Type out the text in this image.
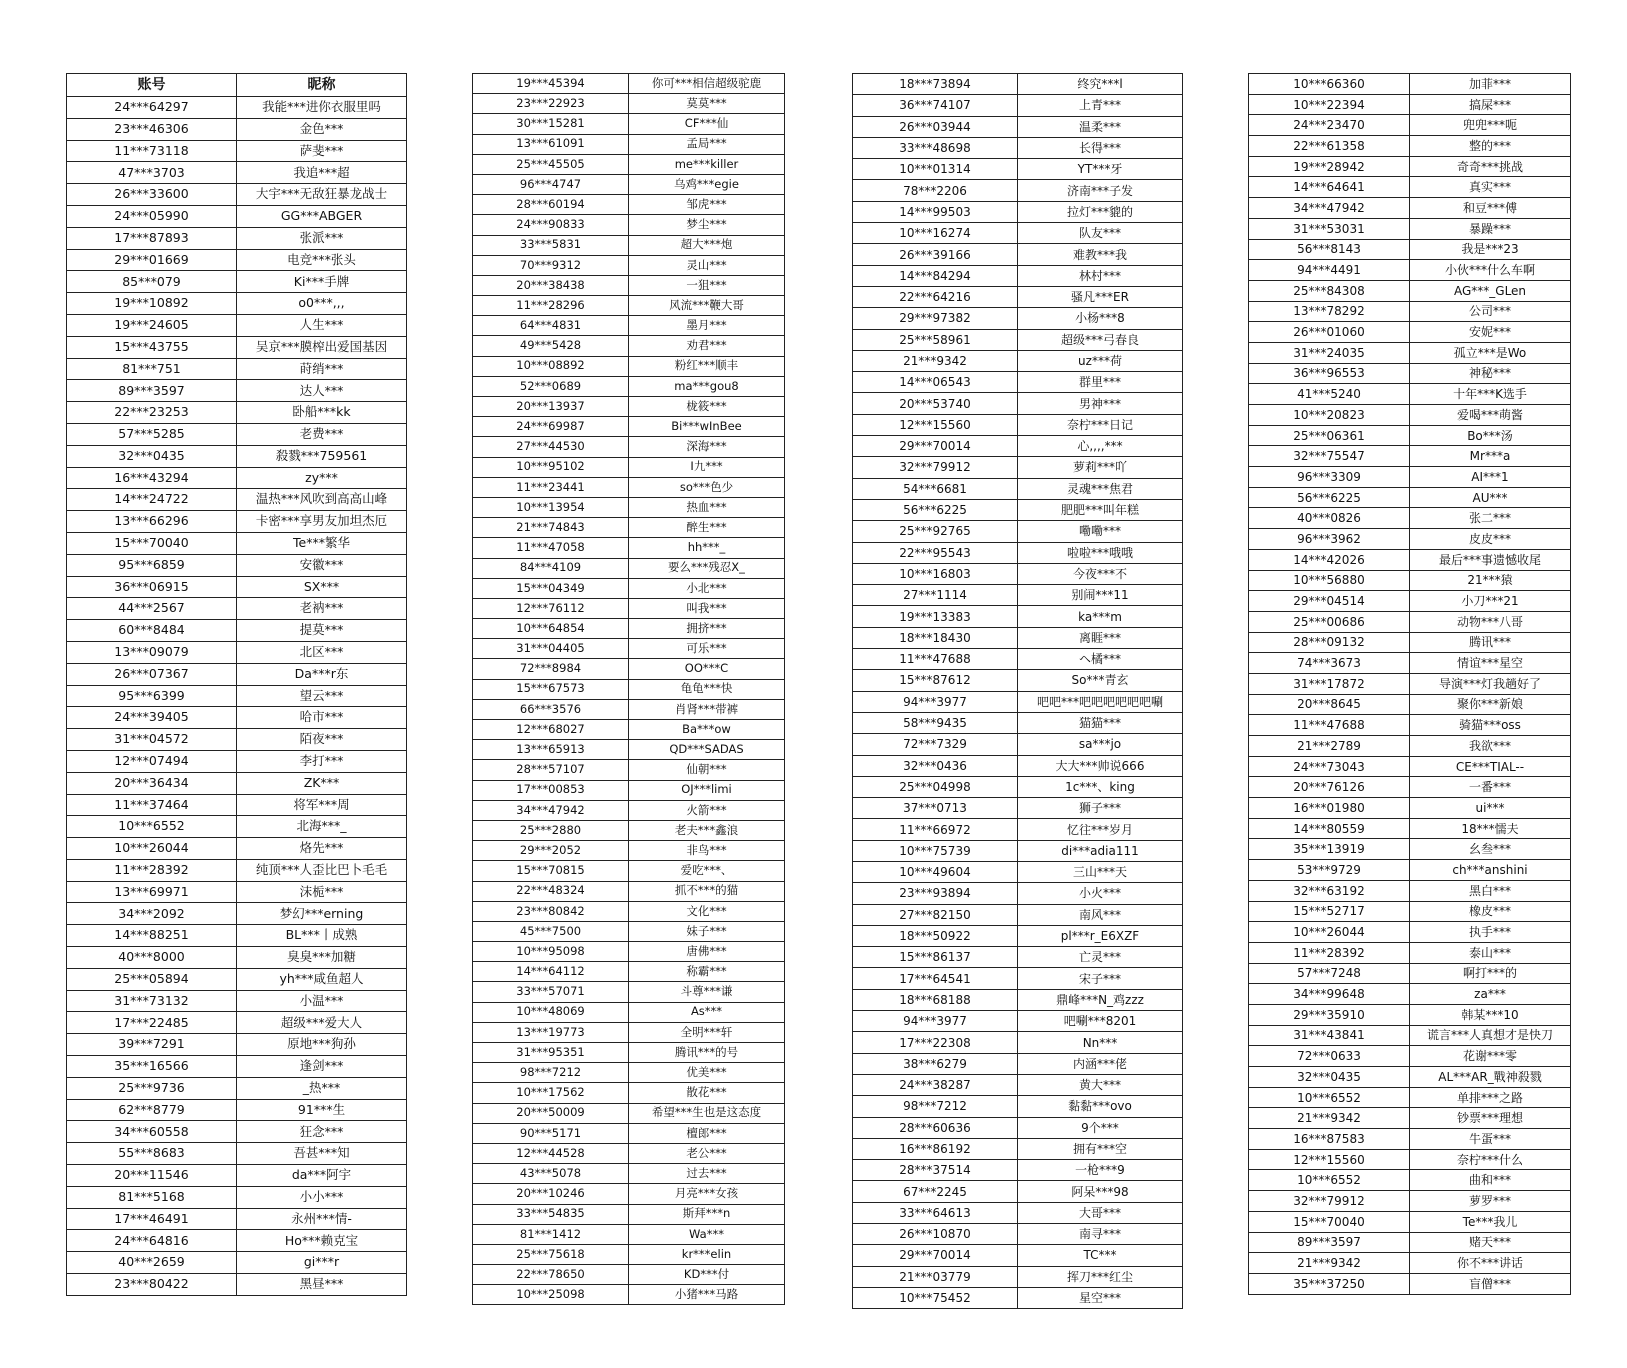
账号	昵称
24***64297	我能***进你衣服里吗
23***46306	金色***
11***73118	萨斐***
47***3703	我追***超
26***33600	大宇***无敌狂暴龙战士
24***05990	GG***ABGER
17***87893	张派***
29***01669	电竞***张头
85***079	Ki***手牌
19***10892	o0***,,,
19***24605	人生***
15***43755	吴京***膜榨出爱国基因
81***751	莳绡***
89***3597	达人***
22***23253	卧船***kk
57***5285	老费***
32***0435	殺戮***759561
16***43294	zy***
14***24722	温热***风吹到高高山峰
13***66296	卡密***享男友加坦杰厄
15***70040	Te***繁华
95***6859	安徽***
36***06915	SX***
44***2567	老衲***
60***8484	提莫***
13***09079	北区***
26***07367	Da***r东
95***6399	望云***
24***39405	哈市***
31***04572	陌夜***
12***07494	李打***
20***36434	ZK***
11***37464	将军***周
10***6552	北海***_
10***26044	烙先***
11***28392	纯顶***人歪比巴卜毛毛
13***69971	沫栀***
34***2092	梦幻***erning
14***88251	BL***丨成熟
40***8000	臭臭***加糖
25***05894	yh***咸鱼超人
31***73132	小温***
17***22485	超级***爱大人
39***7291	原地***狗孙
35***16566	逢剑***
25***9736	_热***
62***8779	91***生
34***60558	狂念***
55***8683	吾甚***知
20***11546	da***阿宇
81***5168	小小***
17***46491	永州***情-
24***64816	Ho***赖克宝
40***2659	gi***r
23***80422	黑昼***
19***45394	你可***相信超级驼鹿
23***22923	莫莫***
30***15281	CF***仙
13***61091	孟局***
25***45505	me***killer
96***4747	乌鸡***egie
28***60194	邹虎***
24***90833	梦尘***
33***5831	超大***炮
70***9312	灵山***
20***38438	一狙***
11***28296	风流***鞭大哥
64***4831	墨月***
49***5428	劝君***
10***08892	粉红***顺丰
52***0689	ma***gou8
20***13937	栊筱***
24***69987	Bi***wInBee
27***44530	深海***
10***95102	I九***
11***23441	so***色少
10***13954	热血***
21***74843	醉生***
11***47058	hh***_
84***4109	要么***残忍X_
15***04349	小北***
12***76112	叫我***
10***64854	拥挤***
31***04405	可乐***
72***8984	OO***C
15***67573	龟龟***快
66***3576	肖肾***带裤
12***68027	Ba***ow
13***65913	QD***SADAS
28***57107	仙朝***
17***00853	OJ***limi
34***47942	火箭***
25***2880	老夫***鑫浪
29***2052	非鸟***
15***70815	爱吃***、
22***48324	抓不***的猫
23***80842	文化***
45***7500	妹子***
10***95098	唐佛***
14***64112	称霸***
33***57071	斗尊***谦
10***48069	As***
13***19773	全明***轩
31***95351	腾讯***的号
98***7212	优美***
10***17562	散花***
20***50009	希望***生也是这态度
90***5171	檀郎***
12***44528	老公***
43***5078	过去***
20***10246	月亮***女孩
33***54835	斯拜***n
81***1412	Wa***
25***75618	kr***elin
22***78650	KD***付
10***25098	小猪***马路
18***73894	终究***l
36***74107	上青***
26***03944	温柔***
33***48698	长得***
10***01314	YT***牙
78***2206	济南***子发
14***99503	拉灯***貔的
10***16274	队友***
26***39166	难教***我
14***84294	林村***
22***64216	骚凡***ER
29***97382	小杨***8
25***58961	超级***弓春良
21***9342	uz***荷
14***06543	群里***
20***53740	男神***
12***15560	奈柠***日记
29***70014	心,,,,***
32***79912	萝莉***吖
54***6681	灵魂***焦君
56***6225	肥肥***叫年糕
25***92765	嘞嘞***
22***95543	啦啦***哦哦
10***16803	今夜***不
27***1114	别闹***11
19***13383	ka***m
18***18430	离睚***
11***47688	ヘ橘***
15***87612	So***青玄
94***3977	吧吧***吧吧吧吧吧吧唰
58***9435	猫猫***
72***7329	sa***jo
32***0436	大大***帅说666
25***04998	1c***、king
37***0713	狮子***
11***66972	忆往***岁月
10***75739	di***adia111
10***49604	三山***天
23***93894	小火***
27***82150	南风***
18***50922	pl***r_E6XZF
15***86137	亡灵***
17***64541	宋子***
18***68188	鼎峰***N_鸡zzz
94***3977	吧唰***8201
17***22308	Nn***
38***6279	内涵***佬
24***38287	黄大***
98***7212	黏黏***ovo
28***60636	9个***
16***86192	拥有***空
28***37514	一枪***9
67***2245	阿呆***98
33***64613	大哥***
26***10870	南寻***
29***70014	TC***
21***03779	挥刀***红尘
10***75452	星空***
10***66360	加菲***
10***22394	搞屎***
24***23470	兜兜***呃
22***61358	整的***
19***28942	奇奇***挑战
14***64641	真实***
34***47942	和豆***傅
31***53031	暴躁***
56***8143	我是***23
94***4491	小伙***什么车啊
25***84308	AG***_GLen
13***78292	公司***
26***01060	安妮***
31***24035	孤立***是Wo
36***96553	神秘***
41***5240	十年***K选手
10***20823	爱喝***萌酱
25***06361	Bo***汤
32***75547	Mr***a
96***3309	AI***1
56***6225	AU***
40***0826	张二***
96***3962	皮皮***
14***42026	最后***事遗憾收尾
10***56880	21***猿
29***04514	小刀***21
25***00686	动物***八哥
28***09132	腾讯***
74***3673	情谊***星空
31***17872	导演***灯我趟好了
20***8645	聚你***新娘
11***47688	骑猫***oss
21***2789	我欲***
24***73043	CE***TIAL--
20***76126	一番***
16***01980	ui***
14***80559	18***懦夫
35***13919	幺叁***
53***9729	ch***anshini
32***63192	黑白***
15***52717	橡皮***
10***26044	执手***
11***28392	泰山***
57***7248	啊打***的
34***99648	za***
29***35910	韩某***10
31***43841	谎言***人真想才是快刀
72***0633	花谢***零
32***0435	AL***AR_戰神殺戮
10***6552	单排***之路
21***9342	钞票***理想
16***87583	牛蛋***
12***15560	奈柠***什么
10***6552	曲和***
32***79912	萝罗***
15***70040	Te***我儿
89***3597	赌天***
21***9342	你不***讲话
35***37250	盲僧***
